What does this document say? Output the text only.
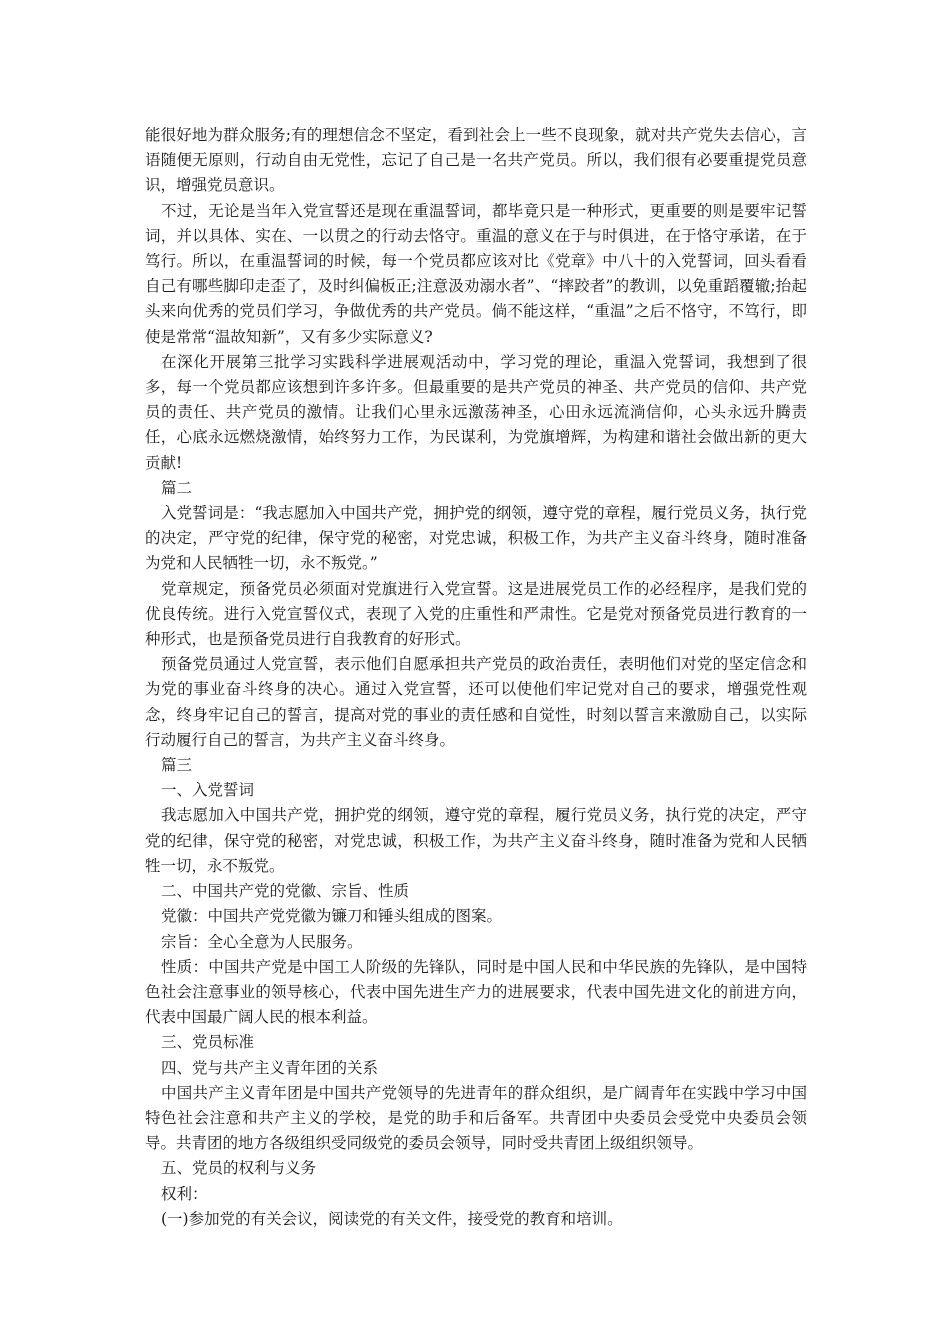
能很好地为群众服务;有的理想信念不坚定，看到社会上一些不良现象，就对共产党失去信心，言语随便无原则，行动自由无党性，忘记了自己是一名共产党员。所以，我们很有必要重提党员意识，增强党员意识。

不过，无论是当年入党宣誓还是现在重温誓词，都毕竟只是一种形式，更重要的则是要牢记誓词，并以具体、实在、一以贯之的行动去恪守。重温的意义在于与时俱进，在于恪守承诺，在于笃行。所以，在重温誓词的时候，每一个党员都应该对比《党章》中八十的入党誓词，回头看看自己有哪些脚印走歪了，及时纠偏板正;注意汲劝溺水者”、“摔跤者”的教训，以免重蹈覆辙;抬起头来向优秀的党员们学习，争做优秀的共产党员。倘不能这样，“重温”之后不恪守，不笃行，即使是常常“温故知新”，又有多少实际意义?

在深化开展第三批学习实践科学进展观活动中，学习党的理论，重温入党誓词，我想到了很多，每一个党员都应该想到许多许多。但最重要的是共产党员的神圣、共产党员的信仰、共产党员的责任、共产党员的激情。让我们心里永远激荡神圣，心田永远流淌信仰，心头永远升腾责任，心底永远燃烧激情，始终努力工作，为民谋利，为党旗增辉，为构建和谐社会做出新的更大贡献!

篇二

入党誓词是：“我志愿加入中国共产党，拥护党的纲领，遵守党的章程，履行党员义务，执行党的决定，严守党的纪律，保守党的秘密，对党忠诚，积极工作，为共产主义奋斗终身，随时准备为党和人民牺牲一切，永不叛党。”

党章规定，预备党员必须面对党旗进行入党宣誓。这是进展党员工作的必经程序，是我们党的优良传统。进行入党宣誓仪式，表现了入党的庄重性和严肃性。它是党对预备党员进行教育的一种形式，也是预备党员进行自我教育的好形式。

预备党员通过人党宣誓，表示他们自愿承担共产党员的政治责任，表明他们对党的坚定信念和为党的事业奋斗终身的决心。通过入党宣誓，还可以使他们牢记党对自己的要求，增强党性观念，终身牢记自己的誓言，提高对党的事业的责任感和自觉性，时刻以誓言来激励自己，以实际行动履行自己的誓言，为共产主义奋斗终身。

篇三

一、入党誓词

我志愿加入中国共产党，拥护党的纲领，遵守党的章程，履行党员义务，执行党的决定，严守党的纪律，保守党的秘密，对党忠诚，积极工作，为共产主义奋斗终身，随时准备为党和人民牺牲一切，永不叛党。

二、中国共产党的党徽、宗旨、性质

党徽：中国共产党党徽为镰刀和锤头组成的图案。

宗旨：全心全意为人民服务。

性质：中国共产党是中国工人阶级的先锋队，同时是中国人民和中华民族的先锋队，是中国特色社会注意事业的领导核心，代表中国先进生产力的进展要求，代表中国先进文化的前进方向，代表中国最广阔人民的根本利益。

三、党员标准

四、党与共产主义青年团的关系

中国共产主义青年团是中国共产党领导的先进青年的群众组织，是广阔青年在实践中学习中国特色社会注意和共产主义的学校，是党的助手和后备军。共青团中央委员会受党中央委员会领导。共青团的地方各级组织受同级党的委员会领导，同时受共青团上级组织领导。

五、党员的权利与义务

权利：

(一)参加党的有关会议，阅读党的有关文件，接受党的教育和培训。
